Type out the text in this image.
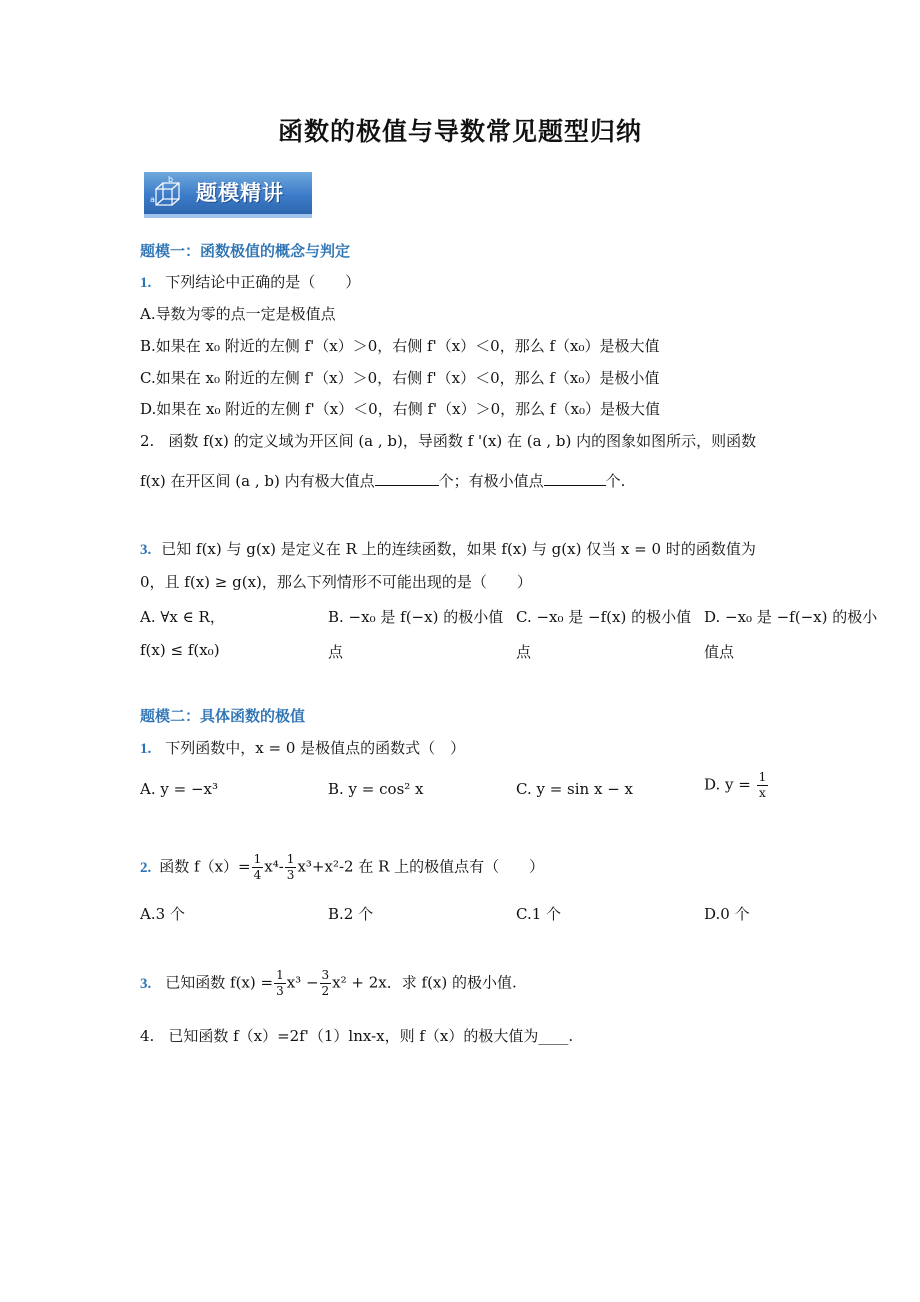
函数的极值与导数常见题型归纳
b
a 题模精讲
题模一：函数极值的概念与判定
1. 下列结论中正确的是（　　）
A.导数为零的点一定是极值点
B.如果在 x₀ 附近的左侧 f'（x）＞0，右侧 f'（x）＜0，那么 f（x₀）是极大值
C.如果在 x₀ 附近的左侧 f'（x）＞0，右侧 f'（x）＜0，那么 f（x₀）是极小值
D.如果在 x₀ 附近的左侧 f'（x）＜0，右侧 f'（x）＞0，那么 f（x₀）是极大值
2. 函数 f(x) 的定义域为开区间 (a , b)，导函数 f '(x) 在 (a , b) 内的图象如图所示，则函数
f(x) 在开区间 (a , b) 内有极大值点	个；有极小值点	个.
3. 已知 f(x) 与 g(x) 是定义在 R 上的连续函数，如果 f(x) 与 g(x) 仅当 x = 0 时的函数值为
0，且 f(x) ≥ g(x)，那么下列情形不可能出现的是（　　）
A. ∀x ∈ R，
f(x) ≤ f(x₀)
B. −x₀ 是 f(−x) 的极小值
点
C. −x₀ 是 −f(x) 的极小值
点
D. −x₀ 是 −f(−x) 的极小
值点
题模二：具体函数的极值
1. 下列函数中，x = 0 是极值点的函数式（　）
A. y = −x³	B. y = cos² x	C. y = sin x − x	D. $y = \frac{1}{x}$
2. 函数 $f(x)= \frac{1}{4} x^4- \frac{1}{3} x^3+x^2-2$ 在 R 上的极值点有（　　）
A.3 个	B.2 个	C.1 个	D.0 个
3. 已知函数 $f(x) = \frac{1}{3} x^3 - \frac{3}{2} x^2 + 2x$．求 f(x) 的极小值.
4. 已知函数 f（x）=2f'（1）lnx-x，则 f（x）的极大值为____.
